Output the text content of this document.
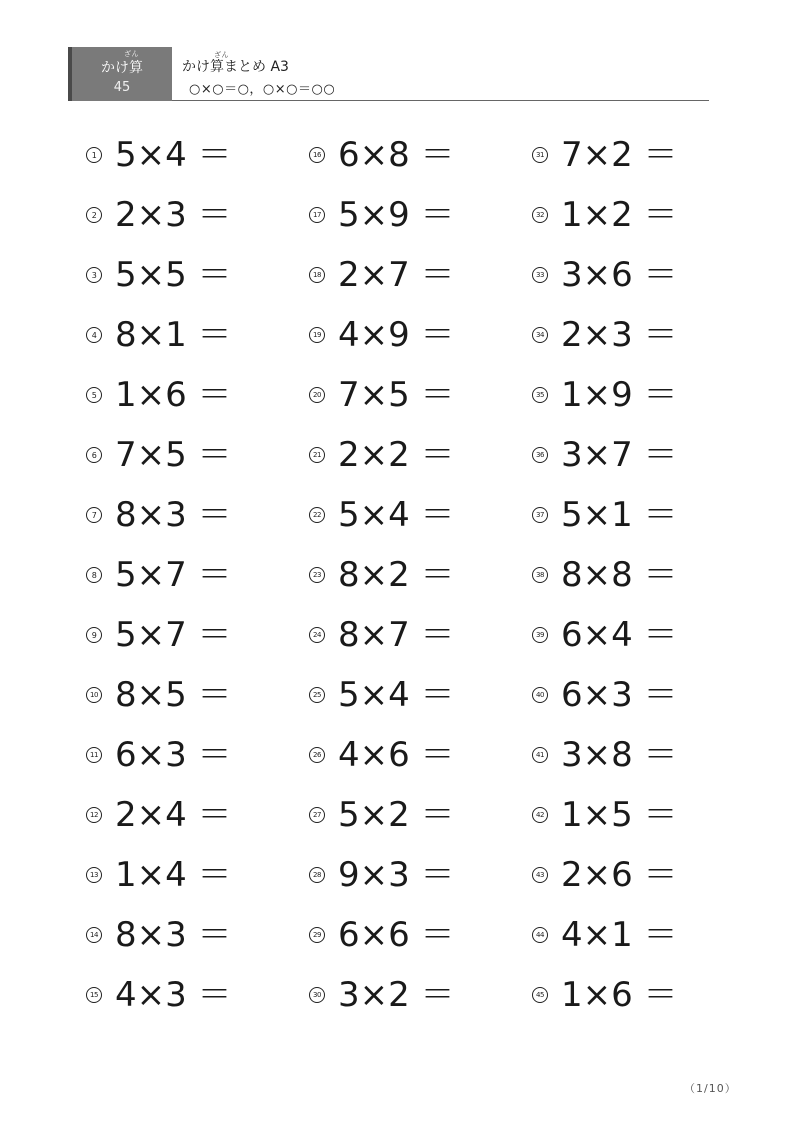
かけ算
45
ざん	ざん
かけ算まとめ A3
○×○＝○，○×○＝○○
1 5×4 ＝
2 2×3 ＝
3 5×5 ＝
4 8×1 ＝
5 1×6 ＝
6 7×5 ＝
7 8×3 ＝
8 5×7 ＝
9 5×7 ＝
10 8×5 ＝
11 6×3 ＝
12 2×4 ＝
13 1×4 ＝
14 8×3 ＝
15 4×3 ＝
16 6×8 ＝
17 5×9 ＝
18 2×7 ＝
19 4×9 ＝
20 7×5 ＝
21 2×2 ＝
22 5×4 ＝
23 8×2 ＝
24 8×7 ＝
25 5×4 ＝
26 4×6 ＝
27 5×2 ＝
28 9×3 ＝
29 6×6 ＝
30 3×2 ＝
31 7×2 ＝
32 1×2 ＝
33 3×6 ＝
34 2×3 ＝
35 1×9 ＝
36 3×7 ＝
37 5×1 ＝
38 8×8 ＝
39 6×4 ＝
40 6×3 ＝
41 3×8 ＝
42 1×5 ＝
43 2×6 ＝
44 4×1 ＝
45 1×6 ＝
（1/10）
